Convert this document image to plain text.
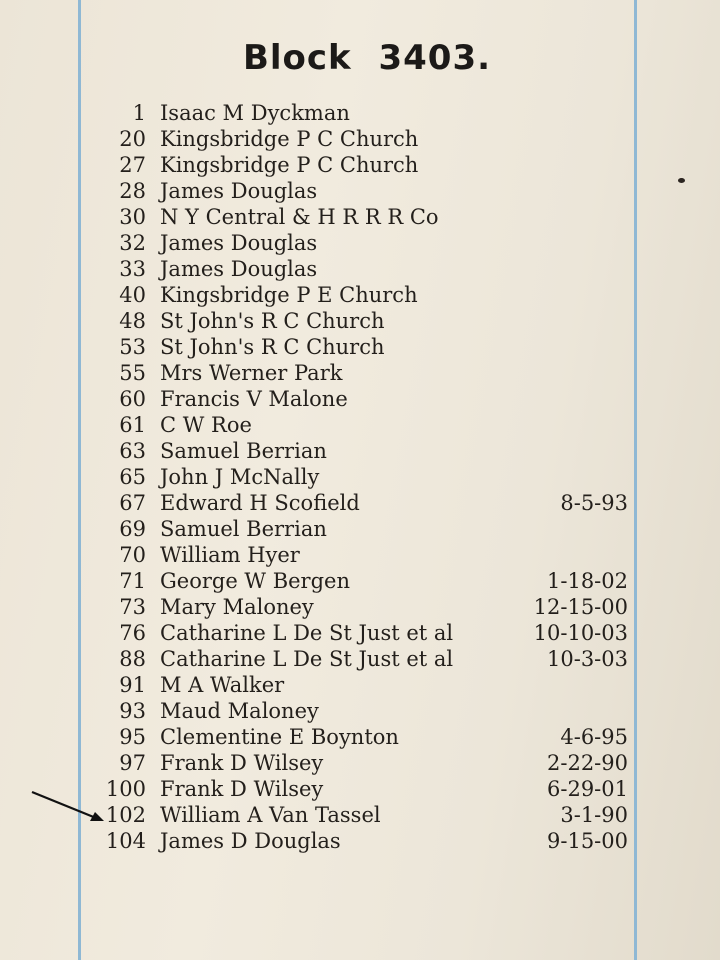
Block 3403.
1 Isaac M Dyckman
20 Kingsbridge P C Church
27 Kingsbridge P C Church
28 James Douglas
30 N Y Central & H R R R Co
32 James Douglas
33 James Douglas
40 Kingsbridge P E Church
48 St John's R C Church
53 St John's R C Church
55 Mrs Werner Park
60 Francis V Malone
61 C W Roe
63 Samuel Berrian
65 John J McNally
67 Edward H Scofield	8-5-93
69 Samuel Berrian
70 William Hyer
71 George W Bergen	1-18-02
73 Mary Maloney	12-15-00
76 Catharine L De St Just et al	10-10-03
88 Catharine L De St Just et al	10-3-03
91 M A Walker
93 Maud Maloney
95 Clementine E Boynton	4-6-95
97 Frank D Wilsey	2-22-90
100 Frank D Wilsey	6-29-01
102 William A Van Tassel	3-1-90
104 James D Douglas	9-15-00
